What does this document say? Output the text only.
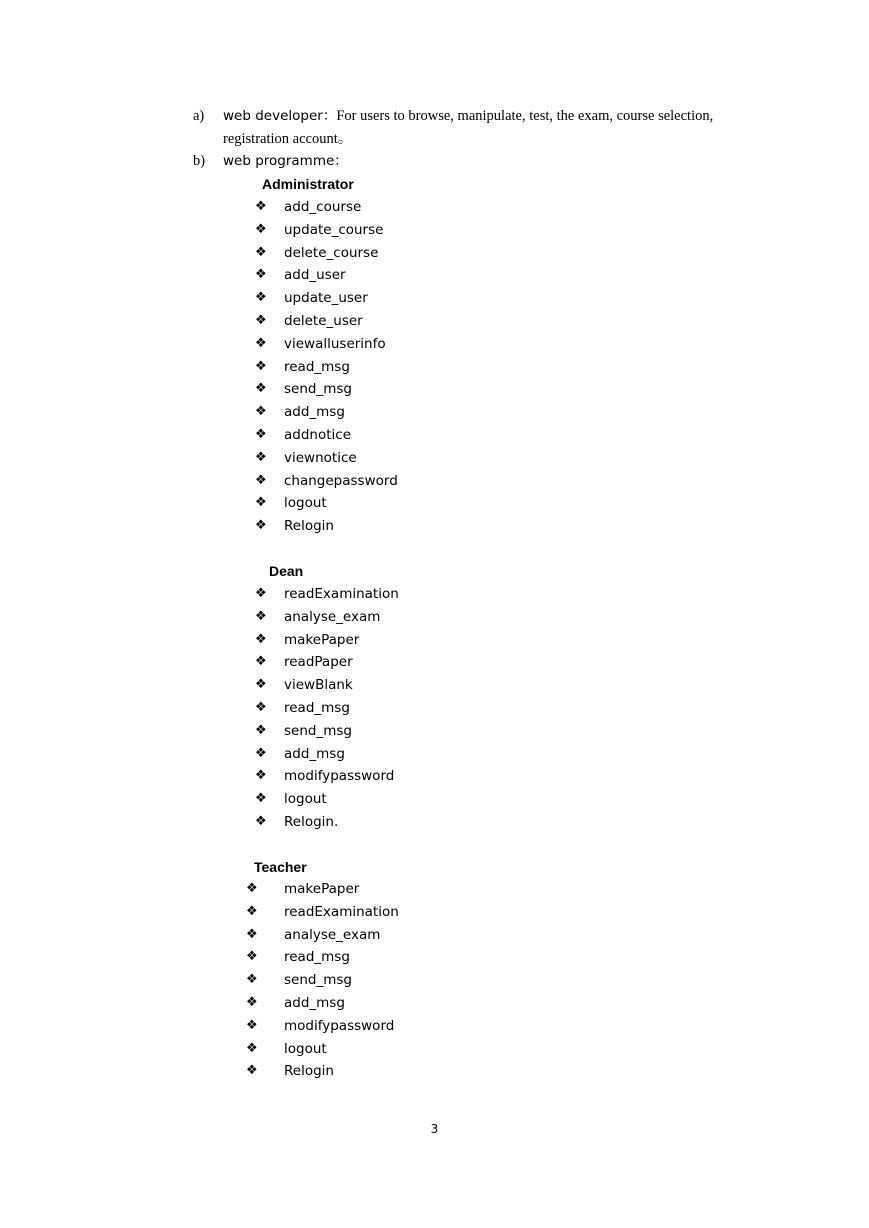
a) web developer：For users to browse, manipulate, test, the exam, course selection,
registration account。
b) web programme：
Administrator
❖ add_course
❖ update_course
❖ delete_course
❖ add_user
❖ update_user
❖ delete_user
❖ viewalluserinfo
❖ read_msg
❖ send_msg
❖ add_msg
❖ addnotice
❖ viewnotice
❖ changepassword
❖ logout
❖ Relogin
Dean
❖ readExamination
❖ analyse_exam
❖ makePaper
❖ readPaper
❖ viewBlank
❖ read_msg
❖ send_msg
❖ add_msg
❖ modifypassword
❖ logout
❖ Relogin.
Teacher
❖ makePaper
❖ readExamination
❖ analyse_exam
❖ read_msg
❖ send_msg
❖ add_msg
❖ modifypassword
❖ logout
❖ Relogin
3
